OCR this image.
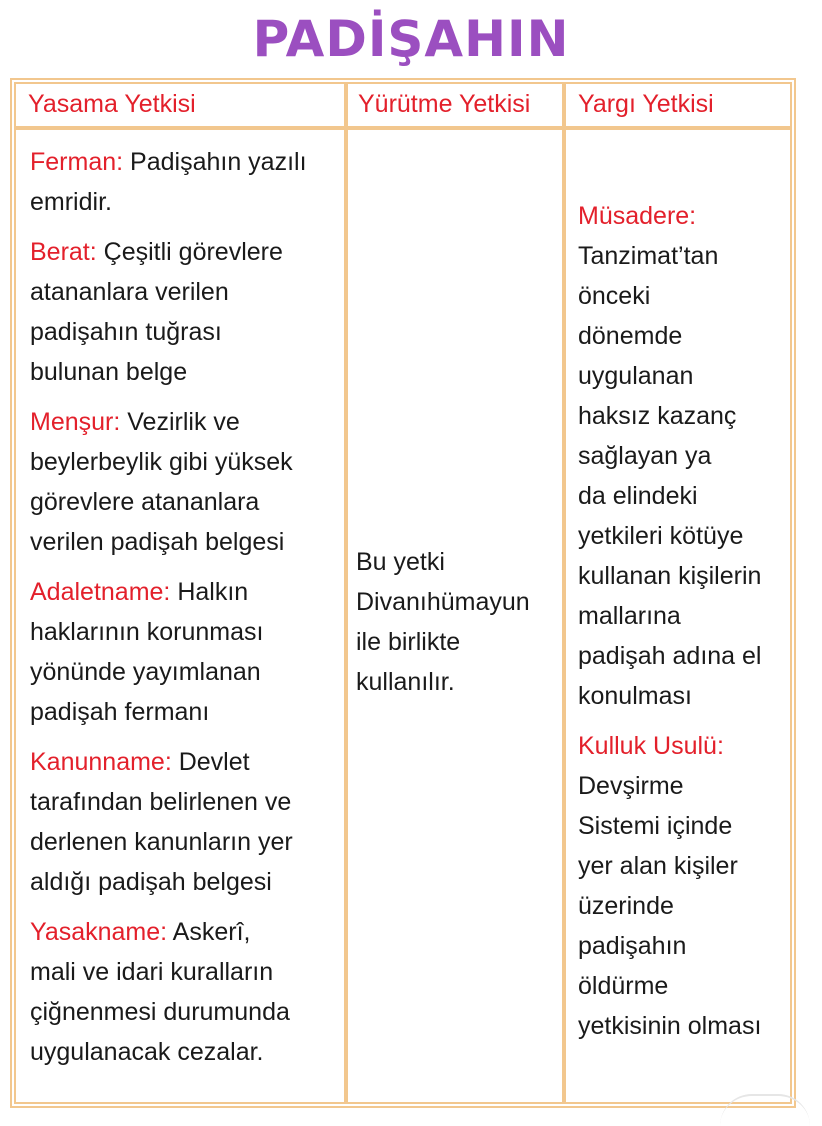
PADİŞAHIN
Yasama Yetkisi	Yürütme Yetkisi	Yargı Yetkisi
Ferman: Padişahın yazılı
emridir.
Berat: Çeşitli görevlere
atananlara verilen
padişahın tuğrası
bulunan belge
Menşur: Vezirlik ve
beylerbeylik gibi yüksek
görevlere atananlara
verilen padişah belgesi
Adaletname: Halkın
haklarının korunması
yönünde yayımlanan
padişah fermanı
Kanunname: Devlet
tarafından belirlenen ve
derlenen kanunların yer
aldığı padişah belgesi
Yasakname: Askerî,
mali ve idari kuralların
çiğnenmesi durumunda
uygulanacak cezalar.
Bu yetki
Divanıhümayun
ile birlikte
kullanılır.
Müsadere:
Tanzimat’tan
önceki
dönemde
uygulanan
haksız kazanç
sağlayan ya
da elindeki
yetkileri kötüye
kullanan kişilerin
mallarına
padişah adına el
konulması
Kulluk Usulü:
Devşirme
Sistemi içinde
yer alan kişiler
üzerinde
padişahın
öldürme
yetkisinin olması
